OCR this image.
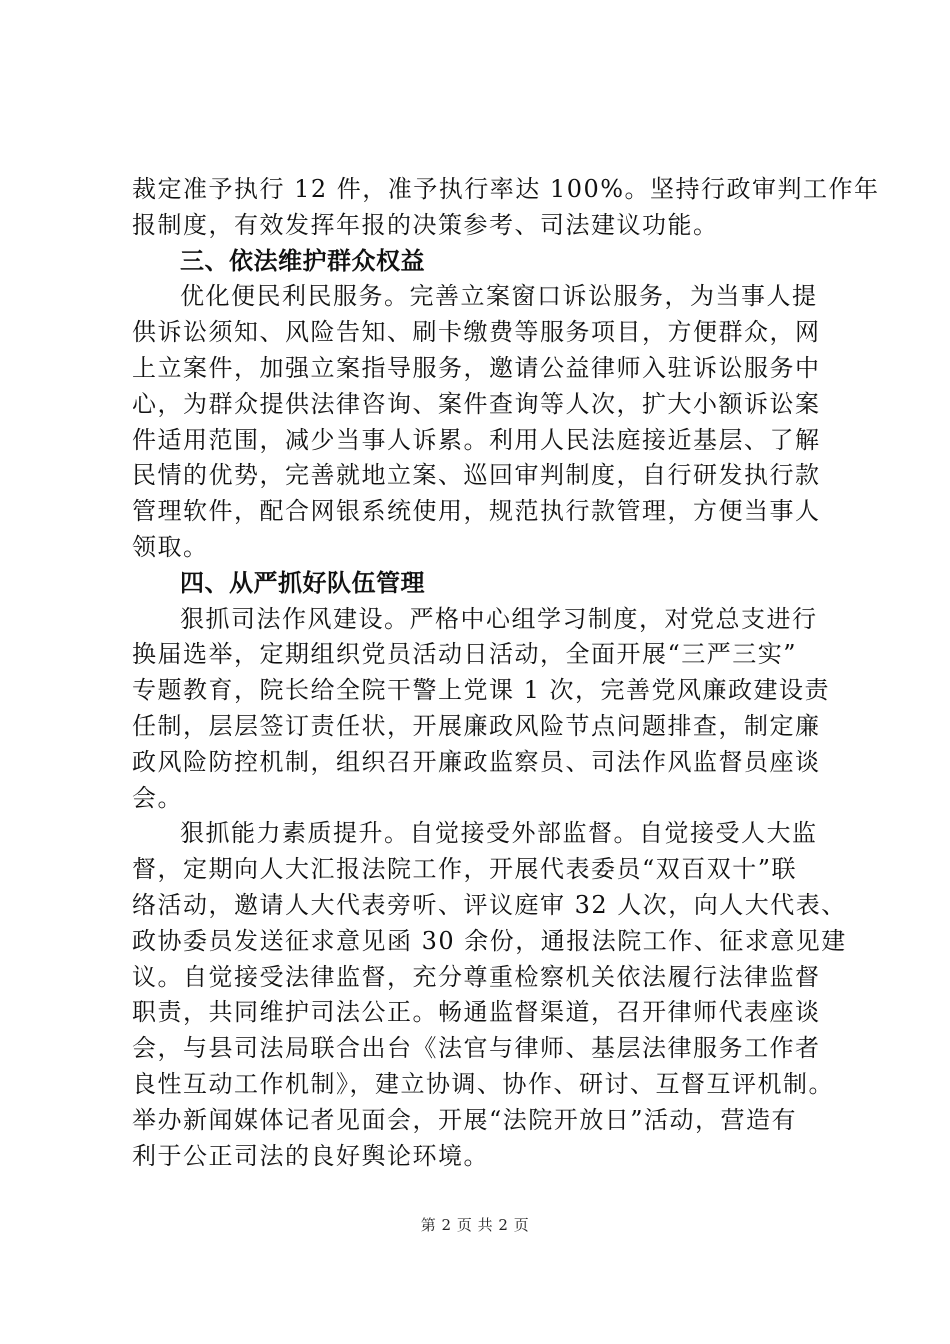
裁定准予执行 12 件，准予执行率达 100%。坚持行政审判工作年
报制度，有效发挥年报的决策参考、司法建议功能。
三、依法维护群众权益
优化便民利民服务。完善立案窗口诉讼服务，为当事人提
供诉讼须知、风险告知、刷卡缴费等服务项目，方便群众，网
上立案件，加强立案指导服务，邀请公益律师入驻诉讼服务中
心，为群众提供法律咨询、案件查询等人次，扩大小额诉讼案
件适用范围，减少当事人诉累。利用人民法庭接近基层、了解
民情的优势，完善就地立案、巡回审判制度，自行研发执行款
管理软件，配合网银系统使用，规范执行款管理，方便当事人
领取。
四、从严抓好队伍管理
狠抓司法作风建设。严格中心组学习制度，对党总支进行
换届选举，定期组织党员活动日活动，全面开展“三严三实”
专题教育，院长给全院干警上党课 1 次，完善党风廉政建设责
任制，层层签订责任状，开展廉政风险节点问题排查，制定廉
政风险防控机制，组织召开廉政监察员、司法作风监督员座谈
会。
狠抓能力素质提升。自觉接受外部监督。自觉接受人大监
督，定期向人大汇报法院工作，开展代表委员“双百双十”联
络活动，邀请人大代表旁听、评议庭审 32 人次，向人大代表、
政协委员发送征求意见函 30 余份，通报法院工作、征求意见建
议。自觉接受法律监督，充分尊重检察机关依法履行法律监督
职责，共同维护司法公正。畅通监督渠道，召开律师代表座谈
会，与县司法局联合出台《法官与律师、基层法律服务工作者
良性互动工作机制》，建立协调、协作、研讨、互督互评机制。
举办新闻媒体记者见面会，开展“法院开放日”活动，营造有
利于公正司法的良好舆论环境。
第 2 页 共 2 页
